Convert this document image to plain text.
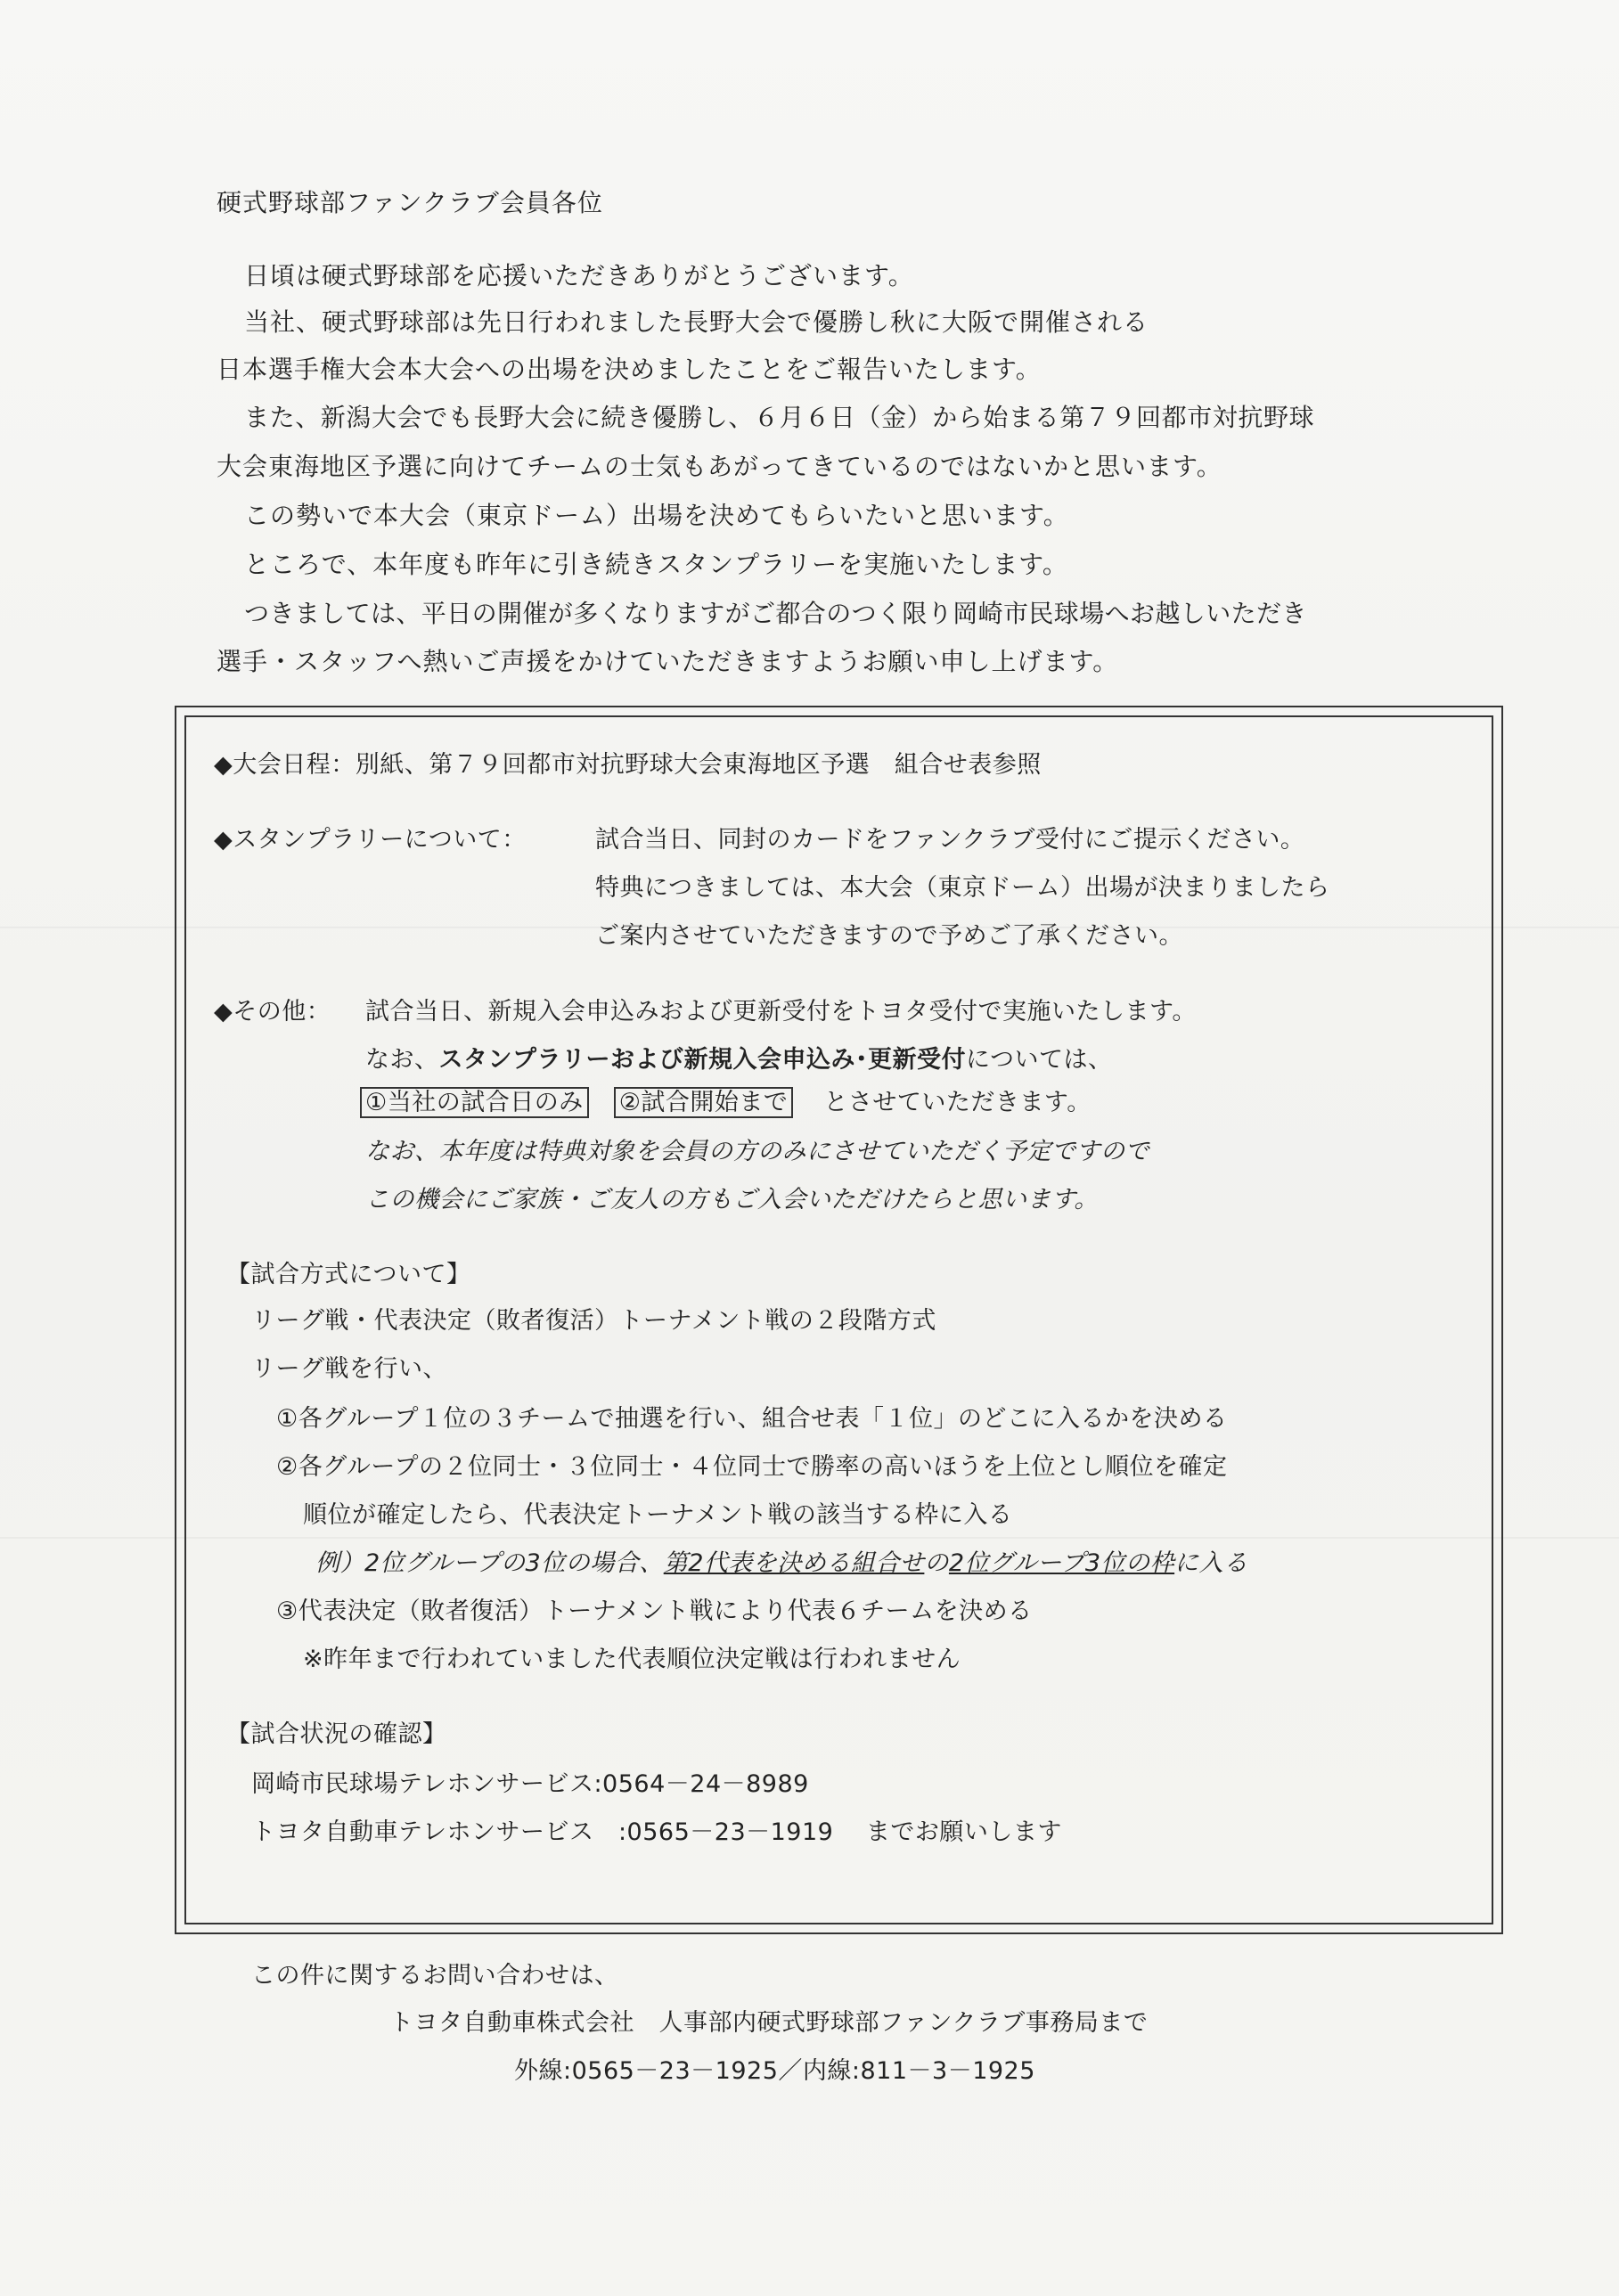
硬式野球部ファンクラブ会員各位
日頃は硬式野球部を応援いただきありがとうございます。
当社、硬式野球部は先日行われました長野大会で優勝し秋に大阪で開催される
日本選手権大会本大会への出場を決めましたことをご報告いたします。
また、新潟大会でも長野大会に続き優勝し、６月６日（金）から始まる第７９回都市対抗野球
大会東海地区予選に向けてチームの士気もあがってきているのではないかと思います。
この勢いで本大会（東京ドーム）出場を決めてもらいたいと思います。
ところで、本年度も昨年に引き続きスタンプラリーを実施いたします。
つきましては、平日の開催が多くなりますがご都合のつく限り岡崎市民球場へお越しいただき
選手・スタッフへ熱いご声援をかけていただきますようお願い申し上げます。
◆大会日程：別紙、第７９回都市対抗野球大会東海地区予選　組合せ表参照
◆スタンプラリーについて：	試合当日、同封のカードをファンクラブ受付にご提示ください。
特典につきましては、本大会（東京ドーム）出場が決まりましたら
ご案内させていただきますので予めご了承ください。
◆その他： 試合当日、新規入会申込みおよび更新受付をトヨタ受付で実施いたします。
なお、スタンプラリーおよび新規入会申込み･更新受付については、
①当社の試合日のみ ②試合開始まで とさせていただきます。
なお、本年度は特典対象を会員の方のみにさせていただく予定ですので
この機会にご家族・ご友人の方もご入会いただけたらと思います。
【試合方式について】
リーグ戦・代表決定（敗者復活）トーナメント戦の２段階方式
リーグ戦を行い、
①各グループ１位の３チームで抽選を行い、組合せ表「１位」のどこに入るかを決める
②各グループの２位同士・３位同士・４位同士で勝率の高いほうを上位とし順位を確定
順位が確定したら、代表決定トーナメント戦の該当する枠に入る
例）2位グループの3位の場合、第2代表を決める組合せの2位グループ3位の枠に入る
③代表決定（敗者復活）トーナメント戦により代表６チームを決める
※昨年まで行われていました代表順位決定戦は行われません
【試合状況の確認】
岡崎市民球場テレホンサービス:0564－24－8989
トヨタ自動車テレホンサービス　:0565－23－1919　 までお願いします
この件に関するお問い合わせは、
トヨタ自動車株式会社　人事部内硬式野球部ファンクラブ事務局まで
外線:0565－23－1925／内線:811－3－1925
